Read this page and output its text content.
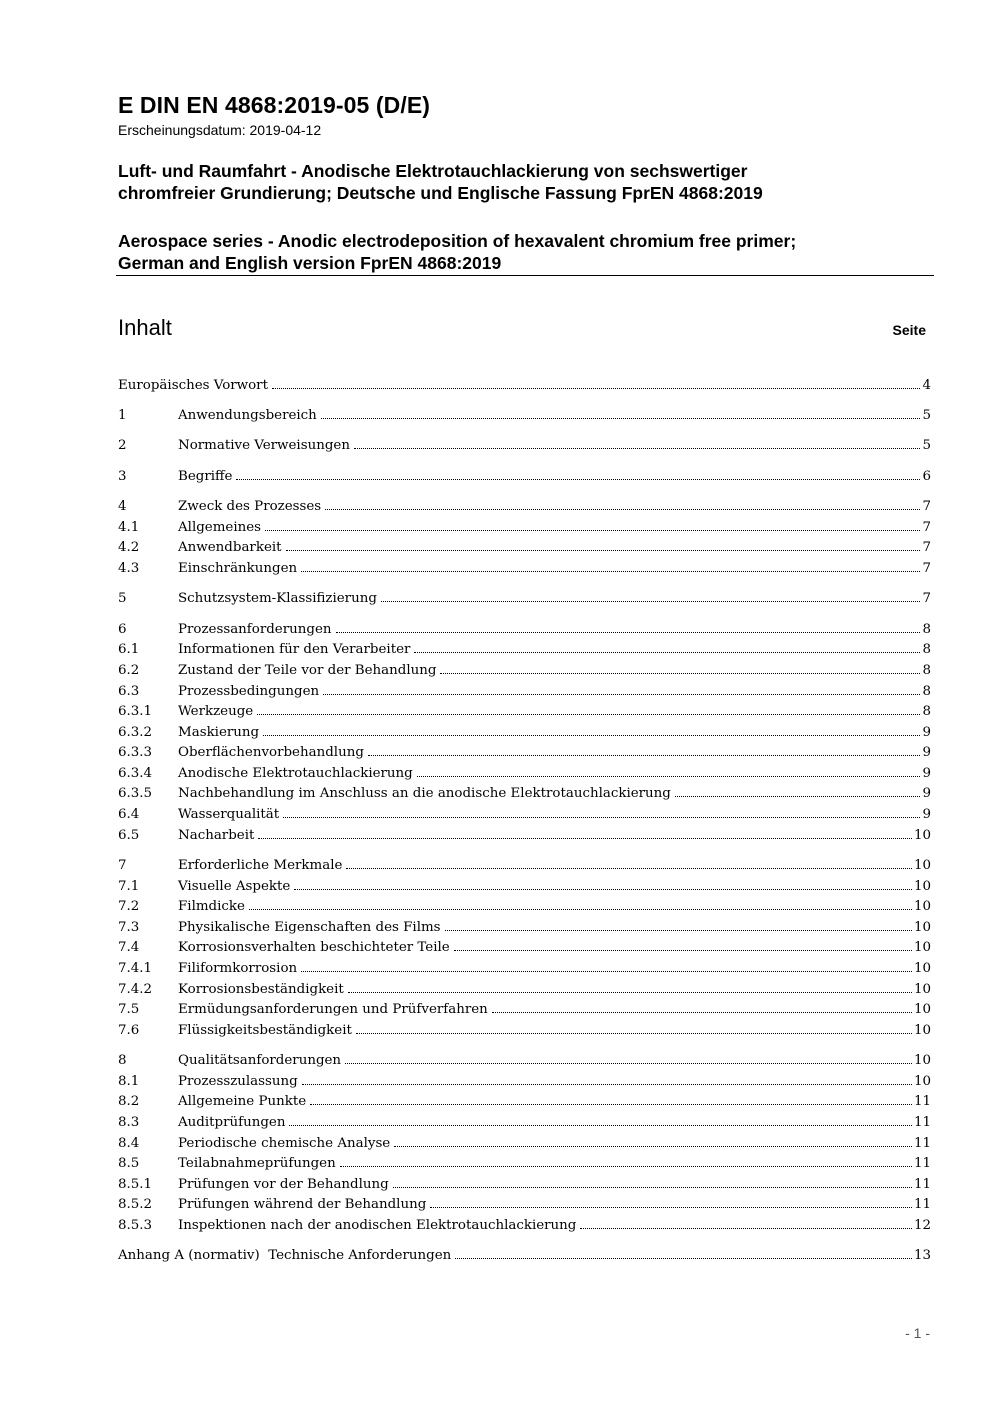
E DIN EN 4868:2019-05 (D/E)
Erscheinungsdatum: 2019-04-12
Luft- und Raumfahrt - Anodische Elektrotauchlackierung von sechswertiger
chromfreier Grundierung; Deutsche und Englische Fassung FprEN 4868:2019
Aerospace series - Anodic electrodeposition of hexavalent chromium free primer;
German and English version FprEN 4868:2019
Inhalt	Seite
Europäisches Vorwort	4
1	Anwendungsbereich	5
2	Normative Verweisungen	5
3	Begriffe	6
4	Zweck des Prozesses	7
4.1	Allgemeines	7
4.2	Anwendbarkeit	7
4.3	Einschränkungen	7
5	Schutzsystem-Klassifizierung	7
6	Prozessanforderungen	8
6.1	Informationen für den Verarbeiter	8
6.2	Zustand der Teile vor der Behandlung	8
6.3	Prozessbedingungen	8
6.3.1	Werkzeuge	8
6.3.2	Maskierung	9
6.3.3	Oberflächenvorbehandlung	9
6.3.4	Anodische Elektrotauchlackierung	9
6.3.5	Nachbehandlung im Anschluss an die anodische Elektrotauchlackierung	9
6.4	Wasserqualität	9
6.5	Nacharbeit	10
7	Erforderliche Merkmale	10
7.1	Visuelle Aspekte	10
7.2	Filmdicke	10
7.3	Physikalische Eigenschaften des Films	10
7.4	Korrosionsverhalten beschichteter Teile	10
7.4.1	Filiformkorrosion	10
7.4.2	Korrosionsbeständigkeit	10
7.5	Ermüdungsanforderungen und Prüfverfahren	10
7.6	Flüssigkeitsbeständigkeit	10
8	Qualitätsanforderungen	10
8.1	Prozesszulassung	10
8.2	Allgemeine Punkte	11
8.3	Auditprüfungen	11
8.4	Periodische chemische Analyse	11
8.5	Teilabnahmeprüfungen	11
8.5.1	Prüfungen vor der Behandlung	11
8.5.2	Prüfungen während der Behandlung	11
8.5.3	Inspektionen nach der anodischen Elektrotauchlackierung	12
Anhang A (normativ)  Technische Anforderungen	13
- 1 -
